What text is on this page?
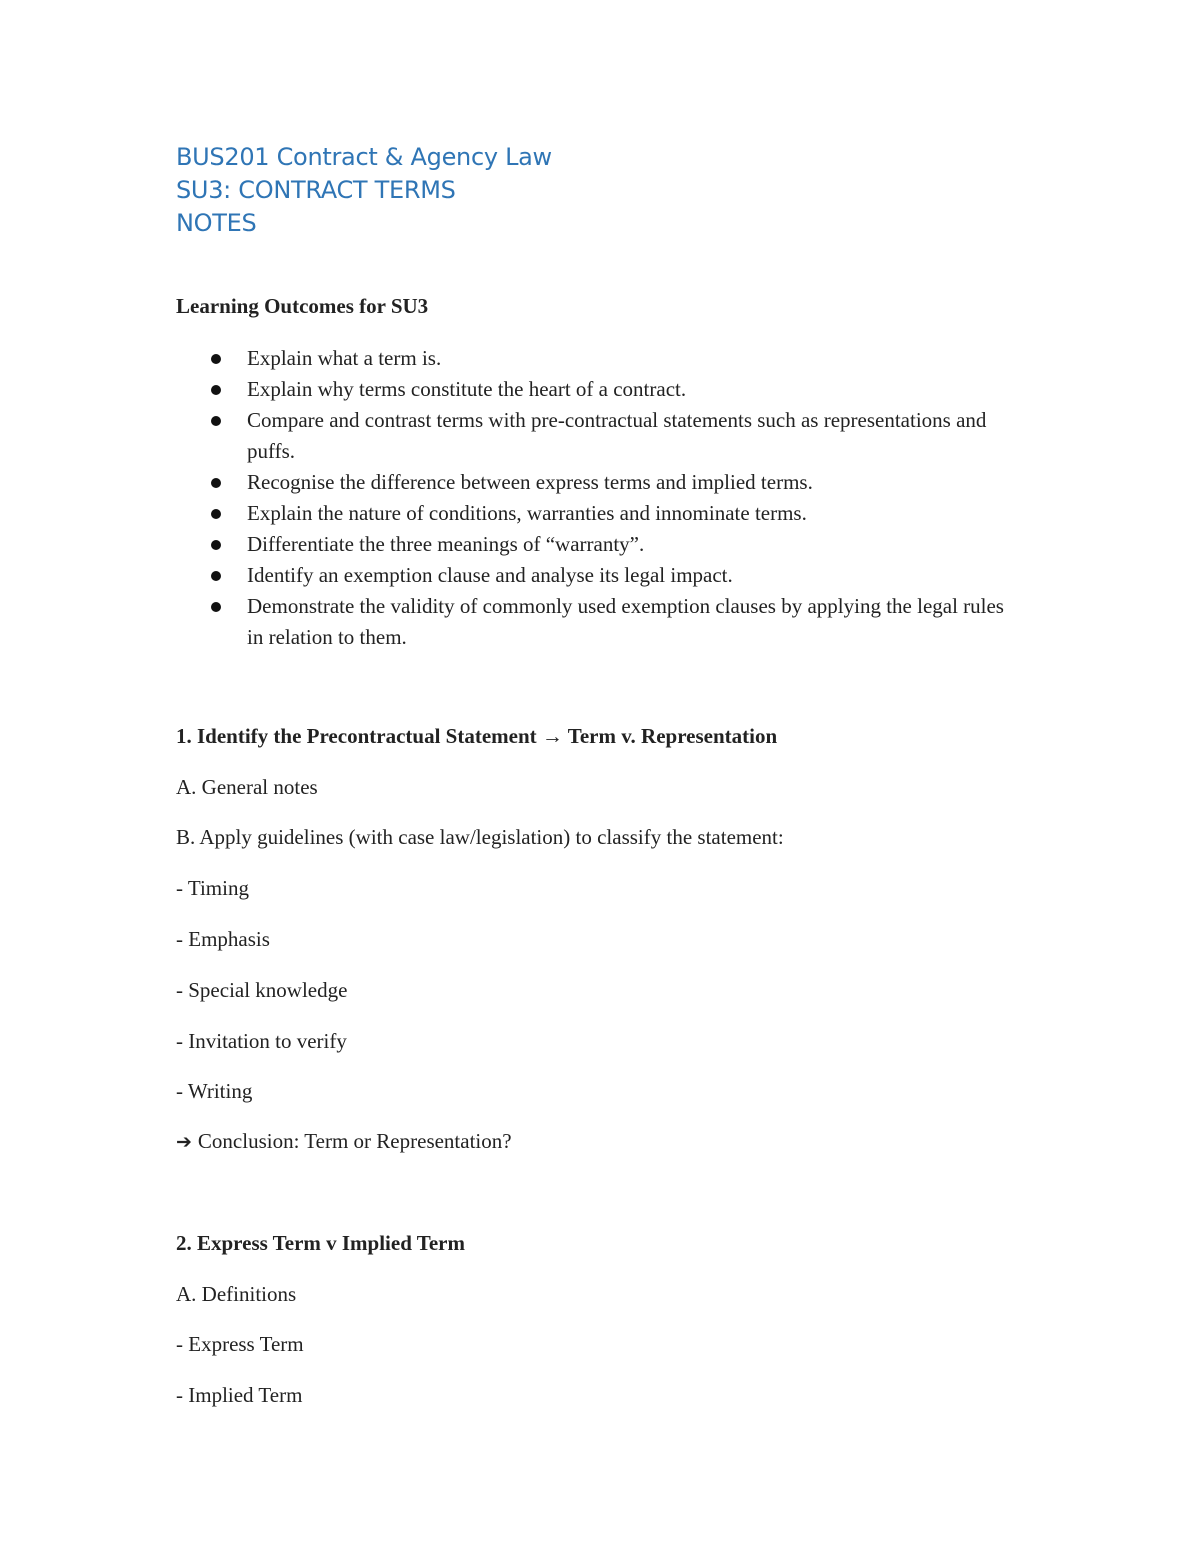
BUS201 Contract & Agency Law
SU3: CONTRACT TERMS
NOTES
Learning Outcomes for SU3
Explain what a term is.
Explain why terms constitute the heart of a contract.
Compare and contrast terms with pre-contractual statements such as representations and puffs.
Recognise the difference between express terms and implied terms.
Explain the nature of conditions, warranties and innominate terms.
Differentiate the three meanings of “warranty”.
Identify an exemption clause and analyse its legal impact.
Demonstrate the validity of commonly used exemption clauses by applying the legal rules in relation to them.
1. Identify the Precontractual Statement → Term v. Representation
A. General notes
B. Apply guidelines (with case law/legislation) to classify the statement:
- Timing
- Emphasis
- Special knowledge
- Invitation to verify
- Writing
➔ Conclusion: Term or Representation?
2. Express Term v Implied Term
A. Definitions
- Express Term
- Implied Term
